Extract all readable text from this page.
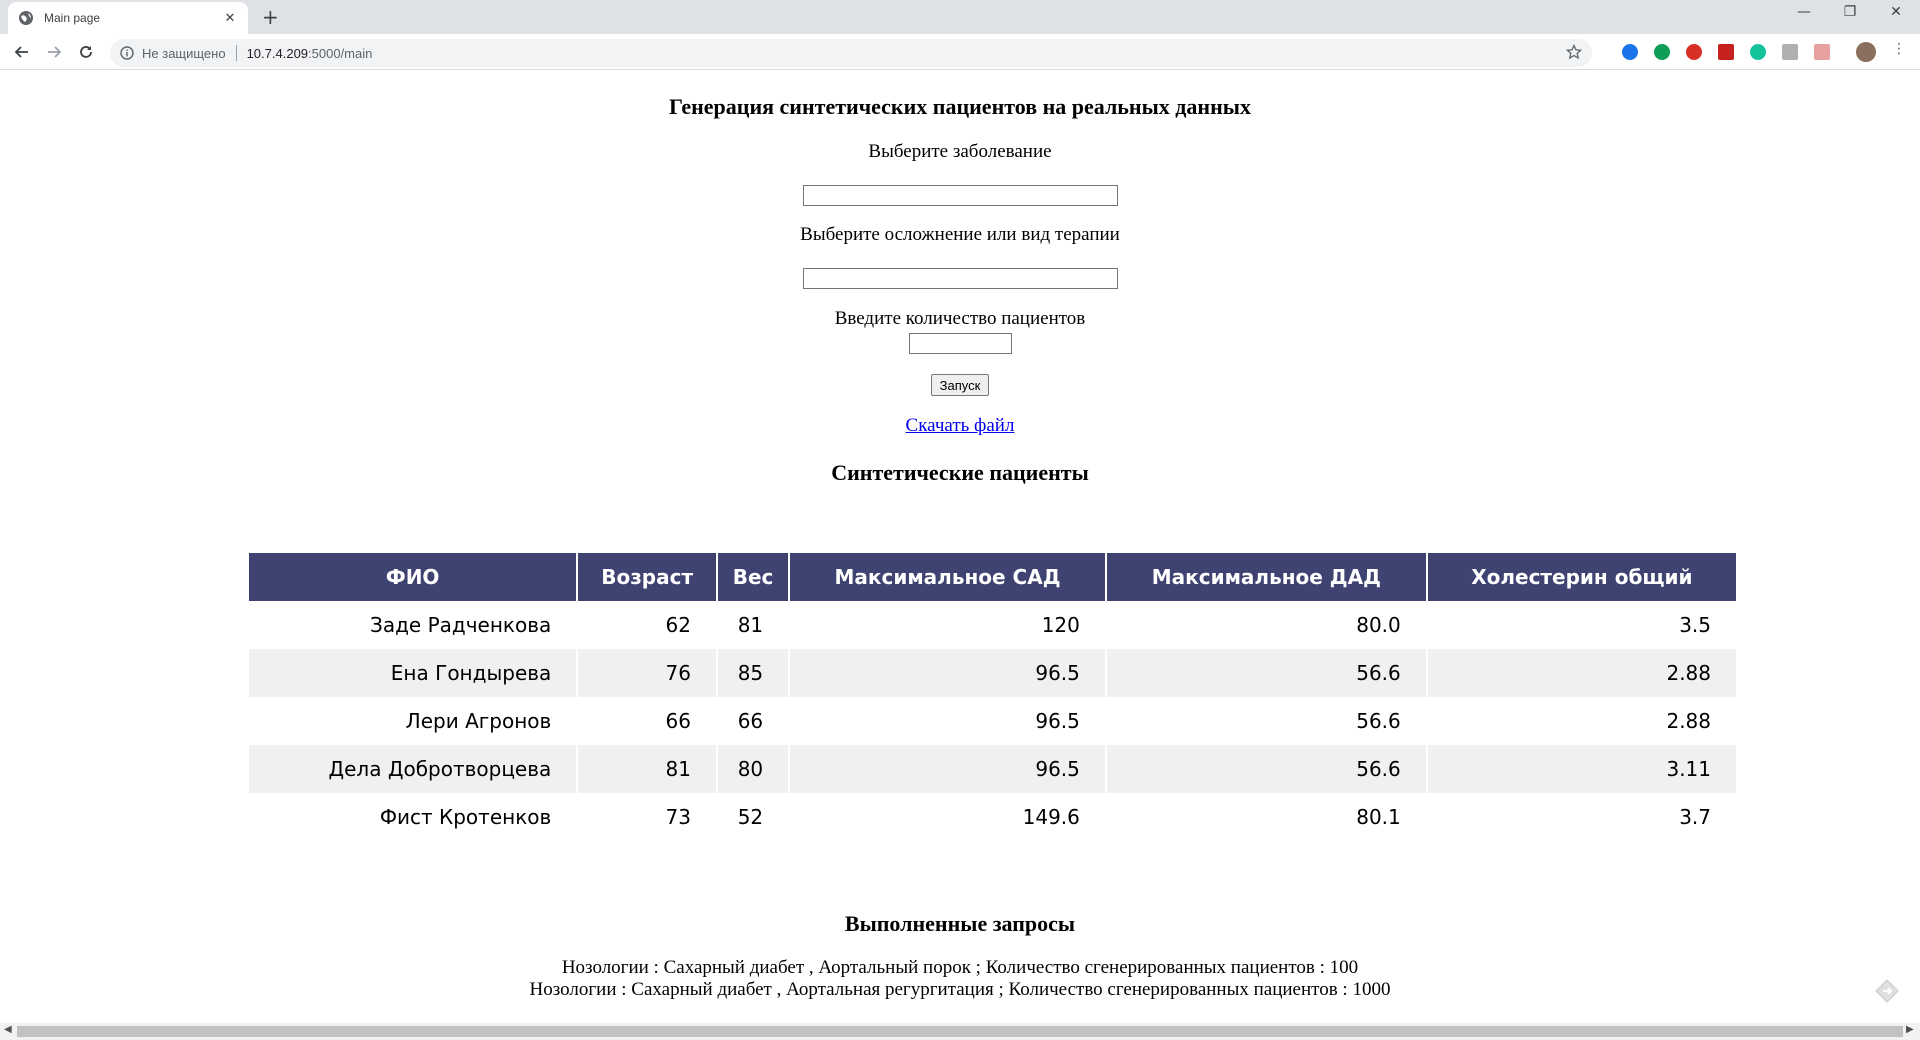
Main page	✕ +	—	❐	✕
Не защищено 10.7.4.209 :5000/main	⋮
Генерация синтетических пациентов на реальных данных
Выберите заболевание
Выберите осложнение или вид терапии
Введите количество пациентов
Запуск
Скачать файл
Синтетические пациенты
ФИО	Возраст	Вес	Максимальное САД	Максимальное ДАД	Холестерин общий
Заде Радченкова	62	81	120	80.0	3.5
Ена Гондырева	76	85	96.5	56.6	2.88
Лери Агронов	66	66	96.5	56.6	2.88
Дела Добротворцева	81	80	96.5	56.6	3.11
Фист Кротенков	73	52	149.6	80.1	3.7
Выполненные запросы
Нозологии : Сахарный диабет , Аортальный порок ; Количество сгенерированных пациентов : 100
Нозологии : Сахарный диабет , Аортальная регургитация ; Количество сгенерированных пациентов : 1000
◀	▶
